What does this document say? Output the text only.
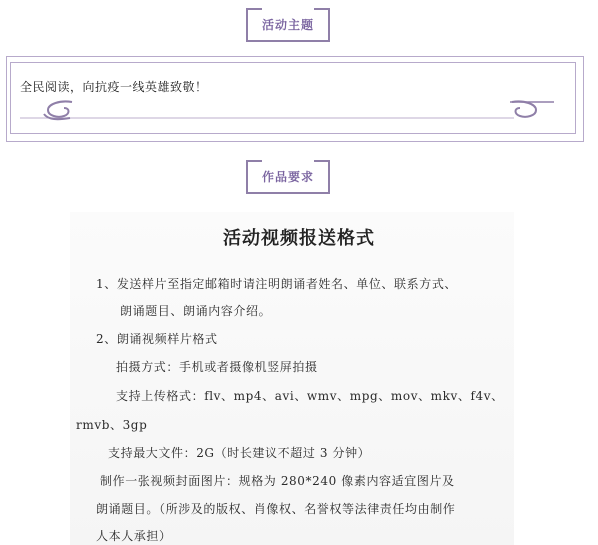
活动主题
全民阅读，向抗疫一线英雄致敬！
作品要求
活动视频报送格式
1、发送样片至指定邮箱时请注明朗诵者姓名、单位、联系方式、
朗诵题目、朗诵内容介绍。
2、朗诵视频样片格式
拍摄方式：手机或者摄像机竖屏拍摄
支持上传格式：flv、mp4、avi、wmv、mpg、mov、mkv、f4v、
rmvb、3gp
支持最大文件：2G（时长建议不超过 3 分钟）
制作一张视频封面图片：规格为 280*240 像素内容适宜图片及
朗诵题目。（所涉及的版权、肖像权、名誉权等法律责任均由制作
人本人承担）
